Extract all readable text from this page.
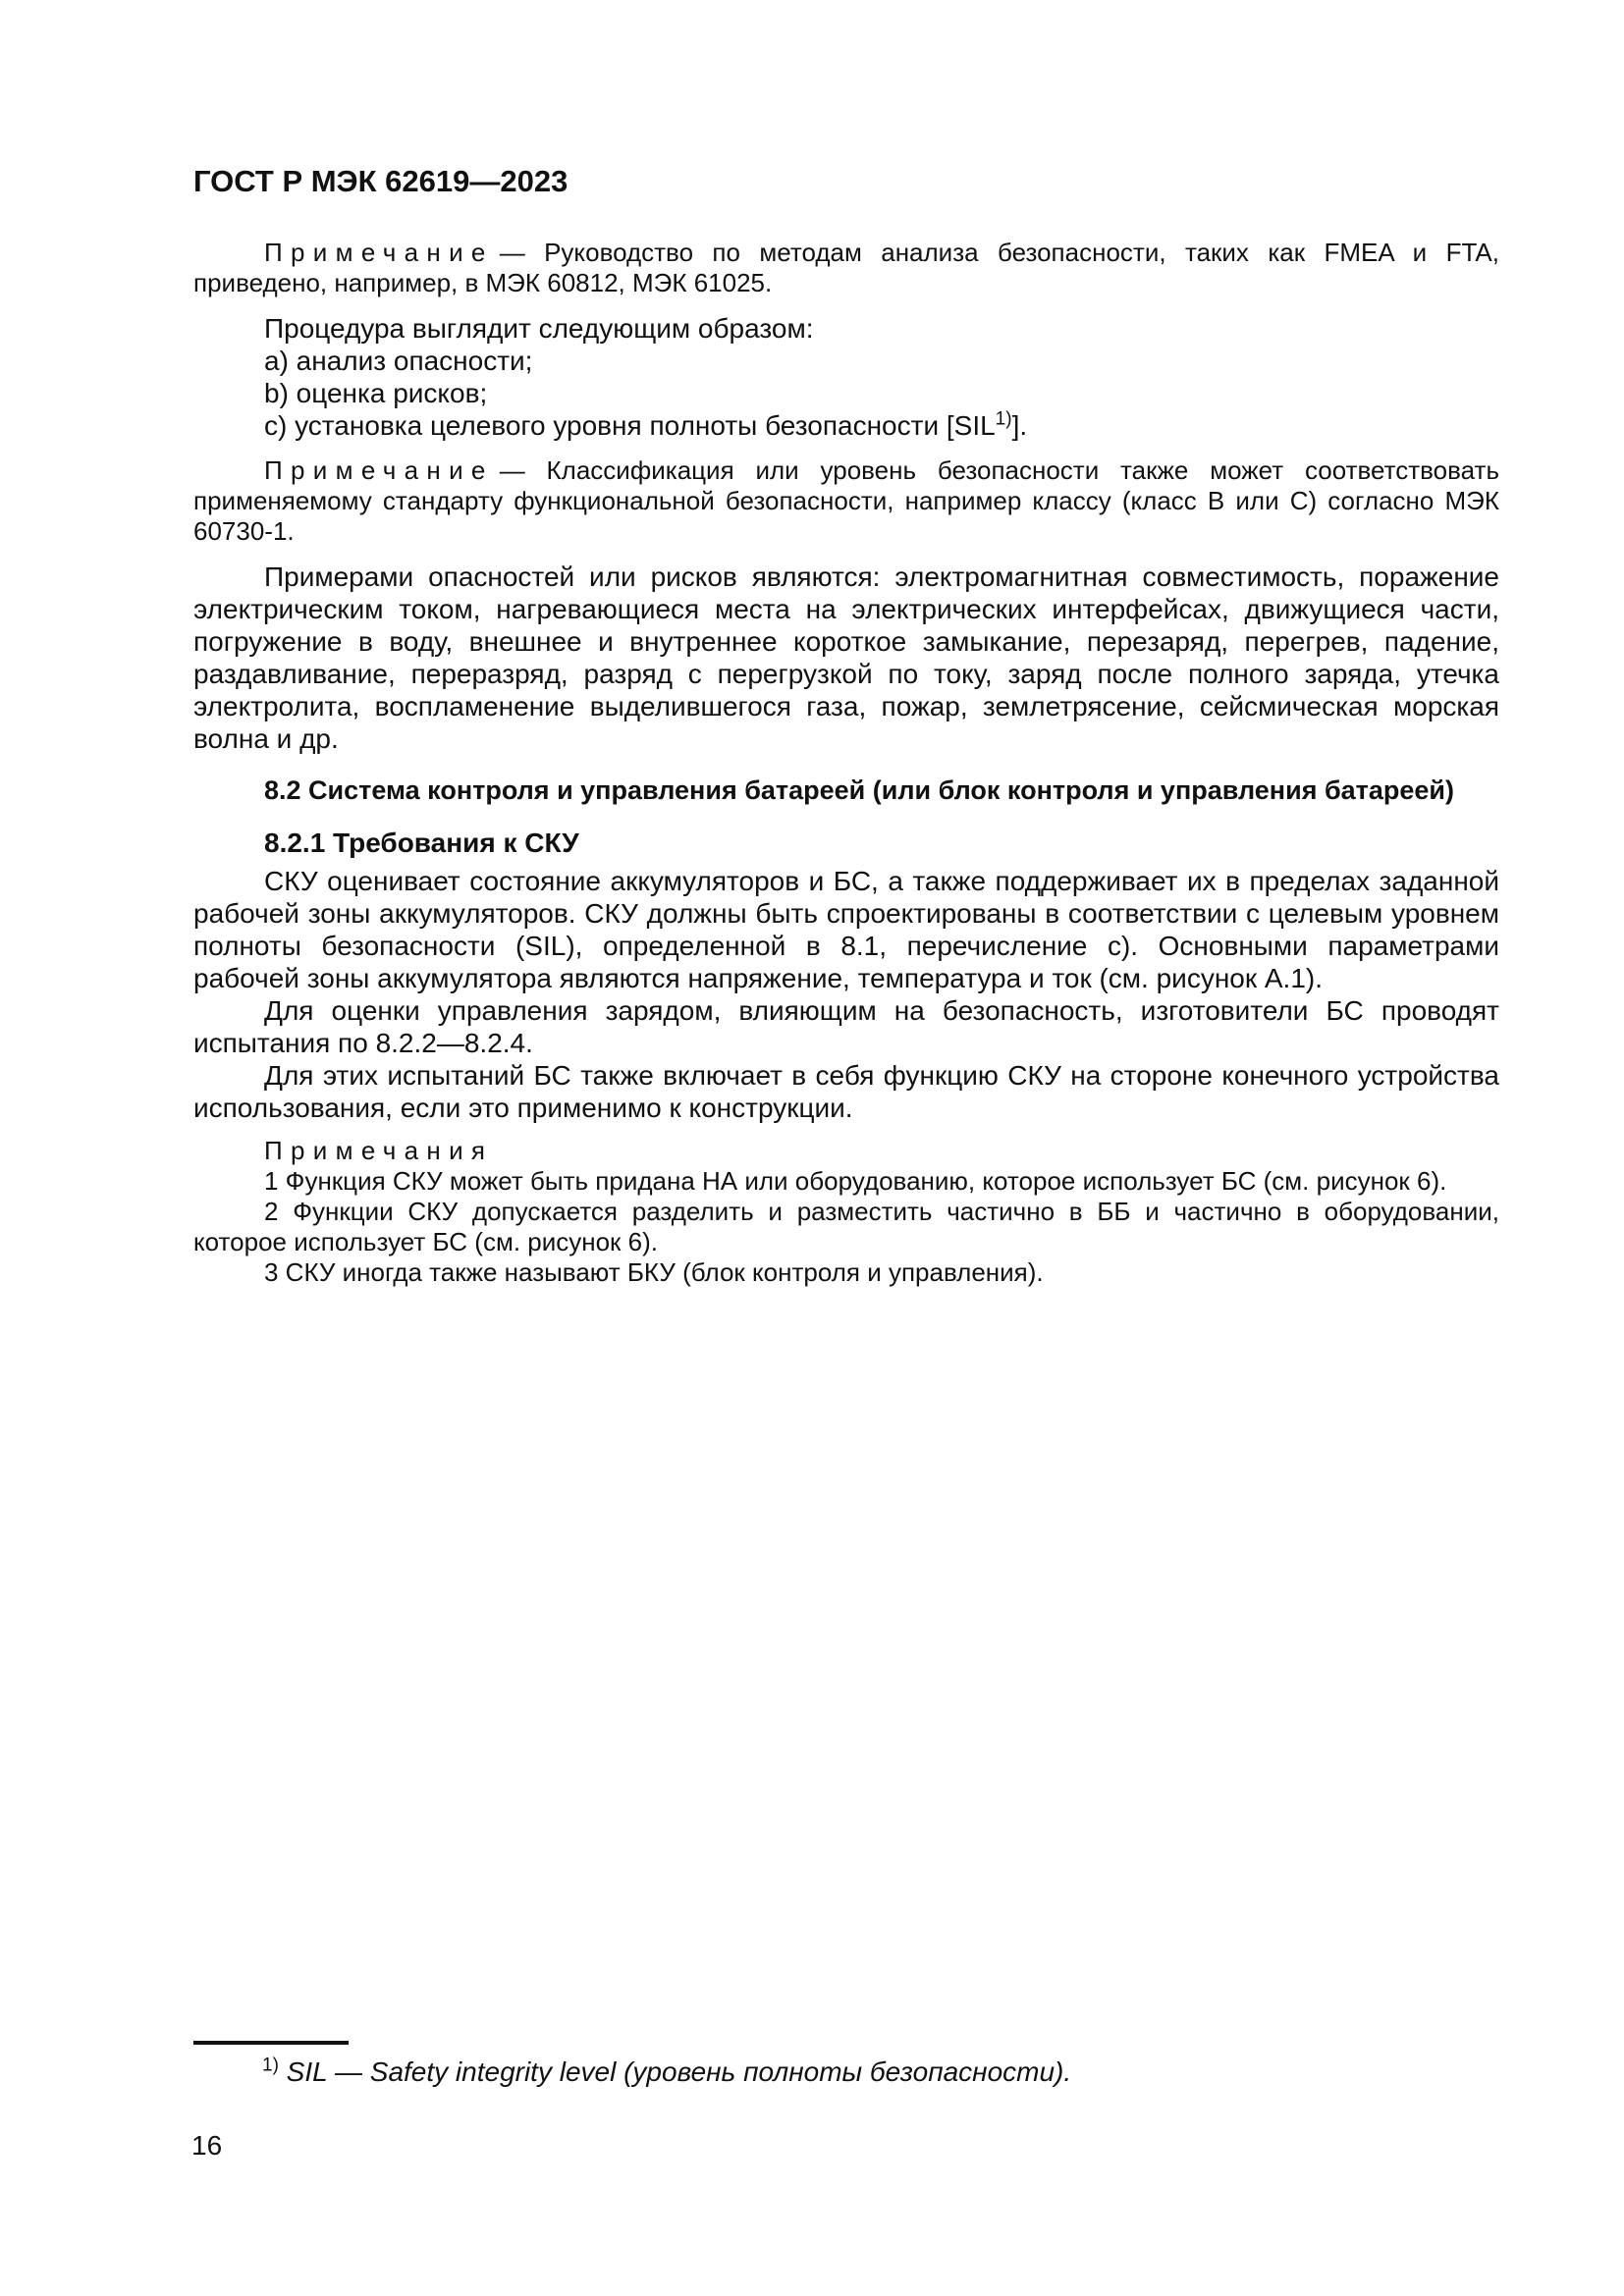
ГОСТ Р МЭК 62619—2023
Примечание — Руководство по методам анализа безопасности, таких как FMEA и FTA, приведено, например, в МЭК 60812, МЭК 61025.

Процедура выглядит следующим образом:

a) анализ опасности;

b) оценка рисков;

c) установка целевого уровня полноты безопасности [SIL$^{1)}$].

Примечание — Классификация или уровень безопасности также может соответствовать применяемому стандарту функциональной безопасности, например классу (класс B или C) согласно МЭК 60730-1.

Примерами опасностей или рисков являются: электромагнитная совместимость, поражение электрическим током, нагревающиеся места на электрических интерфейсах, движущиеся части, погружение в воду, внешнее и внутреннее короткое замыкание, перезаряд, перегрев, падение, раздавливание, переразряд, разряд с перегрузкой по току, заряд после полного заряда, утечка электролита, воспламенение выделившегося газа, пожар, землетрясение, сейсмическая морская волна и др.

8.2 Система контроля и управления батареей (или блок контроля и управления батареей)
8.2.1 Требования к СКУ

СКУ оценивает состояние аккумуляторов и БС, а также поддерживает их в пределах заданной рабочей зоны аккумуляторов. СКУ должны быть спроектированы в соответствии с целевым уровнем полноты безопасности (SIL), определенной в 8.1, перечисление c). Основными параметрами рабочей зоны аккумулятора являются напряжение, температура и ток (см. рисунок А.1).

Для оценки управления зарядом, влияющим на безопасность, изготовители БС проводят испытания по 8.2.2—8.2.4.

Для этих испытаний БС также включает в себя функцию СКУ на стороне конечного устройства использования, если это применимо к конструкции.

Примечания

1 Функция СКУ может быть придана НА или оборудованию, которое использует БС (см. рисунок 6).

2 Функции СКУ допускается разделить и разместить частично в ББ и частично в оборудовании, которое использует БС (см. рисунок 6).

3 СКУ иногда также называют БКУ (блок контроля и управления).

$^{1)}$ SIL — Safety integrity level (уровень полноты безопасности).
16
